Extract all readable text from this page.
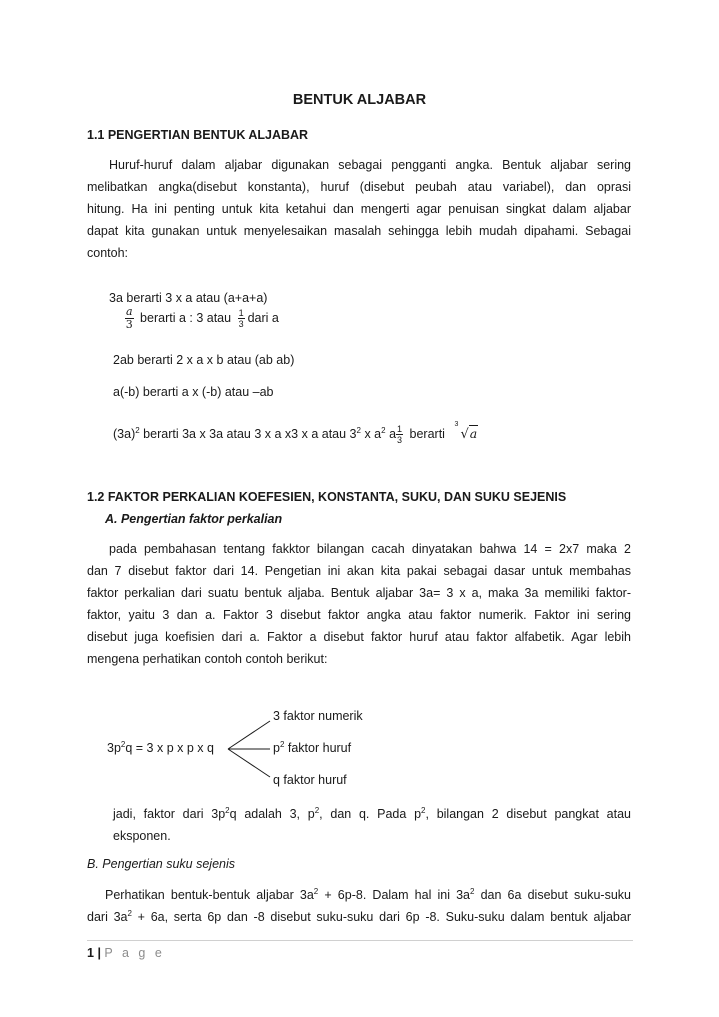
BENTUK ALJABAR
1.1 PENGERTIAN BENTUK ALJABAR
Huruf-huruf dalam aljabar digunakan sebagai pengganti angka. Bentuk aljabar sering
melibatkan angka(disebut konstanta), huruf (disebut peubah atau variabel), dan oprasi
hitung. Ha ini penting untuk kita ketahui dan mengerti agar penuisan singkat dalam aljabar
dapat kita gunakan untuk menyelesaikan masalah sehingga lebih mudah dipahami. Sebagai
contoh:
3a berarti 3 x a atau (a+a+a)
$\frac{a}{3}$ berarti a : 3 atau $\frac{1}{3}$ dari a
2ab berarti 2 x a x b atau (ab ab)
a(-b) berarti a x (-b) atau –ab
$(3a)^2$ berarti 3a x 3a atau 3 x a x3 x a atau $3^2$ x $a^2$ a $\frac{1}{3}$ berarti
3
√a
1.2 FAKTOR PERKALIAN KOEFESIEN, KONSTANTA, SUKU, DAN SUKU SEJENIS
A. Pengertian faktor perkalian
pada pembahasan tentang fakktor bilangan cacah dinyatakan bahwa 14 = 2x7 maka 2
dan 7 disebut faktor dari 14. Pengetian ini akan kita pakai sebagai dasar untuk membahas
faktor perkalian dari suatu bentuk aljaba. Bentuk aljabar 3a= 3 x a, maka 3a memiliki faktor-
faktor, yaitu 3 dan a. Faktor 3 disebut faktor angka atau faktor numerik. Faktor ini sering
disebut juga koefisien dari a. Faktor a disebut faktor huruf atau faktor alfabetik. Agar lebih
mengena perhatikan contoh contoh berikut:
$3p^2q = 3$ x p x p x q
3 faktor numerik
$p^2$ faktor huruf
q faktor huruf
jadi, faktor dari $3p^2q$ adalah 3, $p^2$, dan q. Pada $p^2$, bilangan 2 disebut pangkat atau
eksponen.
B. Pengertian suku sejenis
Perhatikan bentuk-bentuk aljabar $3a^2 + 6p-8$. Dalam hal ini $3a^2$ dan 6a disebut suku-suku
dari $3a^2 + 6a$, serta 6p dan -8 disebut suku-suku dari 6p -8. Suku-suku dalam bentuk aljabar
1 | P a g e
